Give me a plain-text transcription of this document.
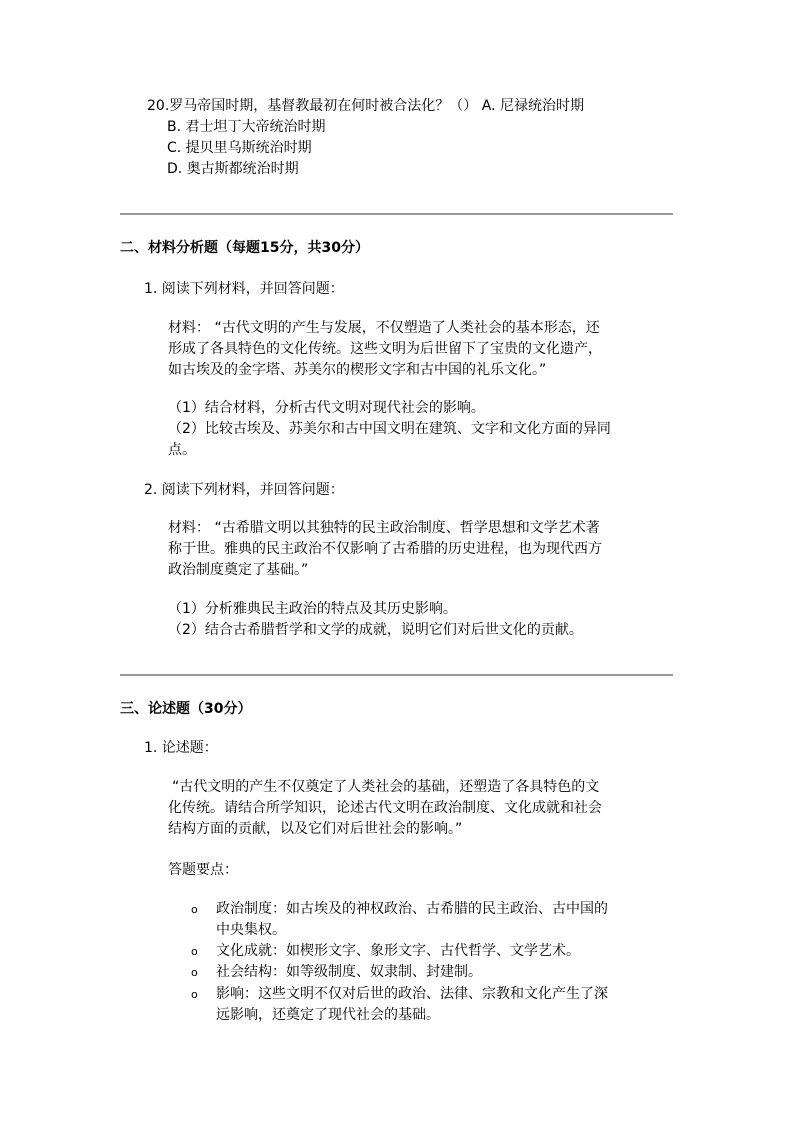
20.罗马帝国时期，基督教最初在何时被合法化？（） A. 尼禄统治时期
B. 君士坦丁大帝统治时期
C. 提贝里乌斯统治时期
D. 奥古斯都统治时期
二、材料分析题（每题15分，共30分）
1. 阅读下列材料，并回答问题：
材料： “古代文明的产生与发展，不仅塑造了人类社会的基本形态，还
形成了各具特色的文化传统。这些文明为后世留下了宝贵的文化遗产，
如古埃及的金字塔、苏美尔的楔形文字和古中国的礼乐文化。”
（1）结合材料，分析古代文明对现代社会的影响。
（2）比较古埃及、苏美尔和古中国文明在建筑、文字和文化方面的异同
点。
2. 阅读下列材料，并回答问题：
材料： “古希腊文明以其独特的民主政治制度、哲学思想和文学艺术著
称于世。雅典的民主政治不仅影响了古希腊的历史进程，也为现代西方
政治制度奠定了基础。”
（1）分析雅典民主政治的特点及其历史影响。
（2）结合古希腊哲学和文学的成就，说明它们对后世文化的贡献。
三、论述题（30分）
1. 论述题：
“古代文明的产生不仅奠定了人类社会的基础，还塑造了各具特色的文
化传统。请结合所学知识，论述古代文明在政治制度、文化成就和社会
结构方面的贡献，以及它们对后世社会的影响。”
答题要点：
o 政治制度：如古埃及的神权政治、古希腊的民主政治、古中国的
中央集权。
o 文化成就：如楔形文字、象形文字、古代哲学、文学艺术。
o 社会结构：如等级制度、奴隶制、封建制。
o 影响：这些文明不仅对后世的政治、法律、宗教和文化产生了深
远影响，还奠定了现代社会的基础。
